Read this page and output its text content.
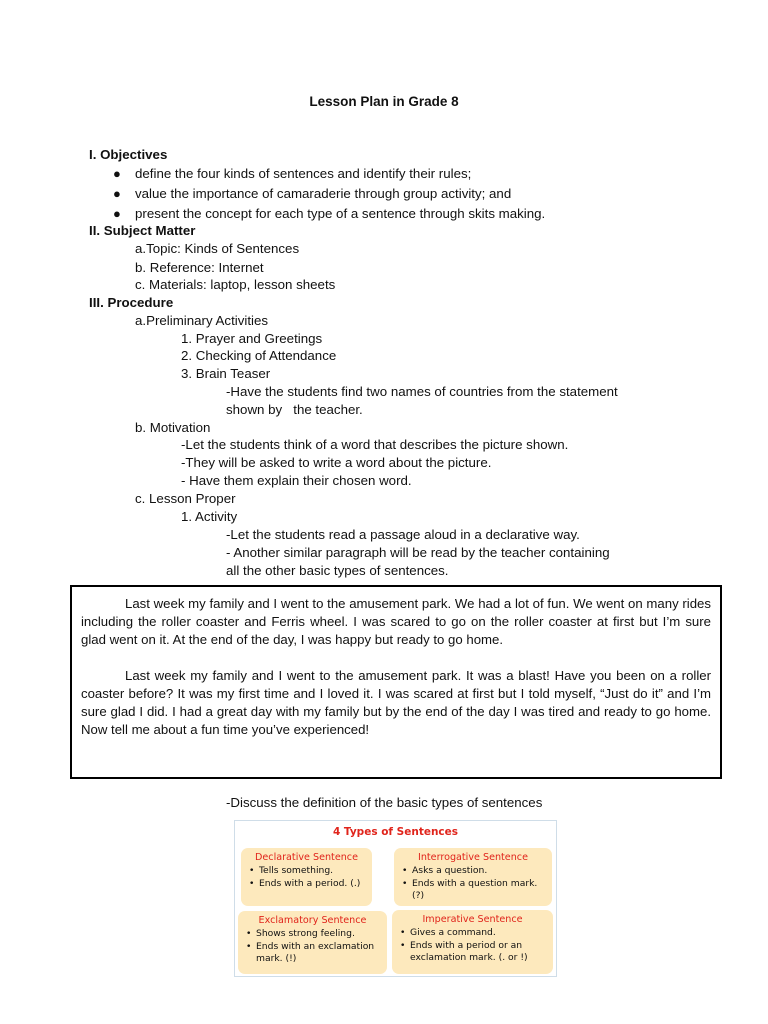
Lesson Plan in Grade 8
I. Objectives
● define the four kinds of sentences and identify their rules;
● value the importance of camaraderie through group activity; and
● present the concept for each type of a sentence through skits making.
II. Subject Matter
a.Topic: Kinds of Sentences
b. Reference: Internet
c. Materials: laptop, lesson sheets
III. Procedure
a.Preliminary Activities
1. Prayer and Greetings
2. Checking of Attendance
3. Brain Teaser
-Have the students find two names of countries from the statement
shown by   the teacher.
b. Motivation
-Let the students think of a word that describes the picture shown.
-They will be asked to write a word about the picture.
- Have them explain their chosen word.
c. Lesson Proper
1. Activity
-Let the students read a passage aloud in a declarative way.
- Another similar paragraph will be read by the teacher containing
all the other basic types of sentences.

Last week my family and I went to the amusement park. We had a lot of fun. We went on many rides including the roller coaster and Ferris wheel. I was scared to go on the roller coaster at first but I’m sure glad went on it. At the end of the day, I was happy but ready to go home.

Last week my family and I went to the amusement park. It was a blast! Have you been on a roller coaster before? It was my first time and I loved it. I was scared at first but I told myself, “Just do it” and I’m sure glad I did. I had a great day with my family but by the end of the day I was tired and ready to go home. Now tell me about a fun time you’ve experienced!

-Discuss the definition of the basic types of sentences
4 Types of Sentences
Declarative Sentence
• Tells something.
• Ends with a period. (.)
Interrogative Sentence
• Asks a question.
• Ends with a question mark. (?)
Exclamatory Sentence
• Shows strong feeling.
• Ends with an exclamation mark. (!)
Imperative Sentence
• Gives a command.
• Ends with a period or an exclamation mark. (. or !)
